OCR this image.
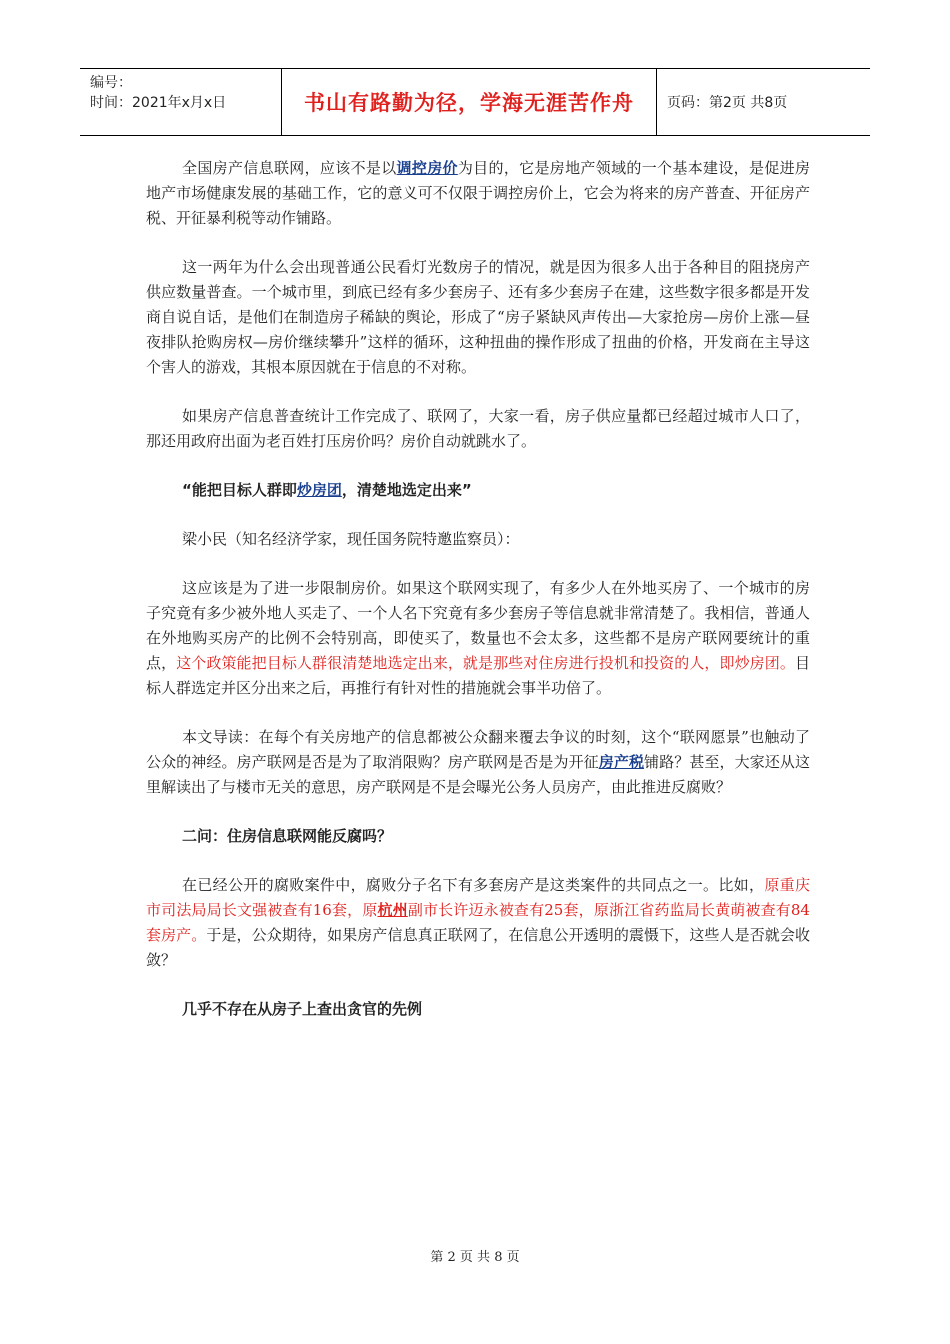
编号：
时间：2021年x月x日	书山有路勤为径，学海无涯苦作舟	页码：第2页 共8页

全国房产信息联网，应该不是以调控房价为目的，它是房地产领域的一个基本建设，是促进房地产市场健康发展的基础工作，它的意义可不仅限于调控房价上，它会为将来的房产普查、开征房产税、开征暴利税等动作铺路。

这一两年为什么会出现普通公民看灯光数房子的情况，就是因为很多人出于各种目的阻挠房产供应数量普查。一个城市里，到底已经有多少套房子、还有多少套房子在建，这些数字很多都是开发商自说自话，是他们在制造房子稀缺的舆论，形成了“房子紧缺风声传出—大家抢房—房价上涨—昼夜排队抢购房权—房价继续攀升”这样的循环，这种扭曲的操作形成了扭曲的价格，开发商在主导这个害人的游戏，其根本原因就在于信息的不对称。

如果房产信息普查统计工作完成了、联网了，大家一看，房子供应量都已经超过城市人口了，那还用政府出面为老百姓打压房价吗？房价自动就跳水了。

“能把目标人群即炒房团，清楚地选定出来”

梁小民（知名经济学家，现任国务院特邀监察员）：

这应该是为了进一步限制房价。如果这个联网实现了，有多少人在外地买房了、一个城市的房子究竟有多少被外地人买走了、一个人名下究竟有多少套房子等信息就非常清楚了。我相信，普通人在外地购买房产的比例不会特别高，即使买了，数量也不会太多，这些都不是房产联网要统计的重点，这个政策能把目标人群很清楚地选定出来，就是那些对住房进行投机和投资的人，即炒房团。目标人群选定并区分出来之后，再推行有针对性的措施就会事半功倍了。

本文导读：在每个有关房地产的信息都被公众翻来覆去争议的时刻，这个“联网愿景”也触动了公众的神经。房产联网是否是为了取消限购？房产联网是否是为开征房产税铺路？甚至，大家还从这里解读出了与楼市无关的意思，房产联网是不是会曝光公务人员房产，由此推进反腐败？

二问：住房信息联网能反腐吗？

在已经公开的腐败案件中，腐败分子名下有多套房产是这类案件的共同点之一。比如，原重庆市司法局局长文强被查有16套，原杭州副市长许迈永被查有25套，原浙江省药监局长黄萌被查有84套房产。于是，公众期待，如果房产信息真正联网了，在信息公开透明的震慑下，这些人是否就会收敛？

几乎不存在从房子上查出贪官的先例

第 2 页 共 8 页
